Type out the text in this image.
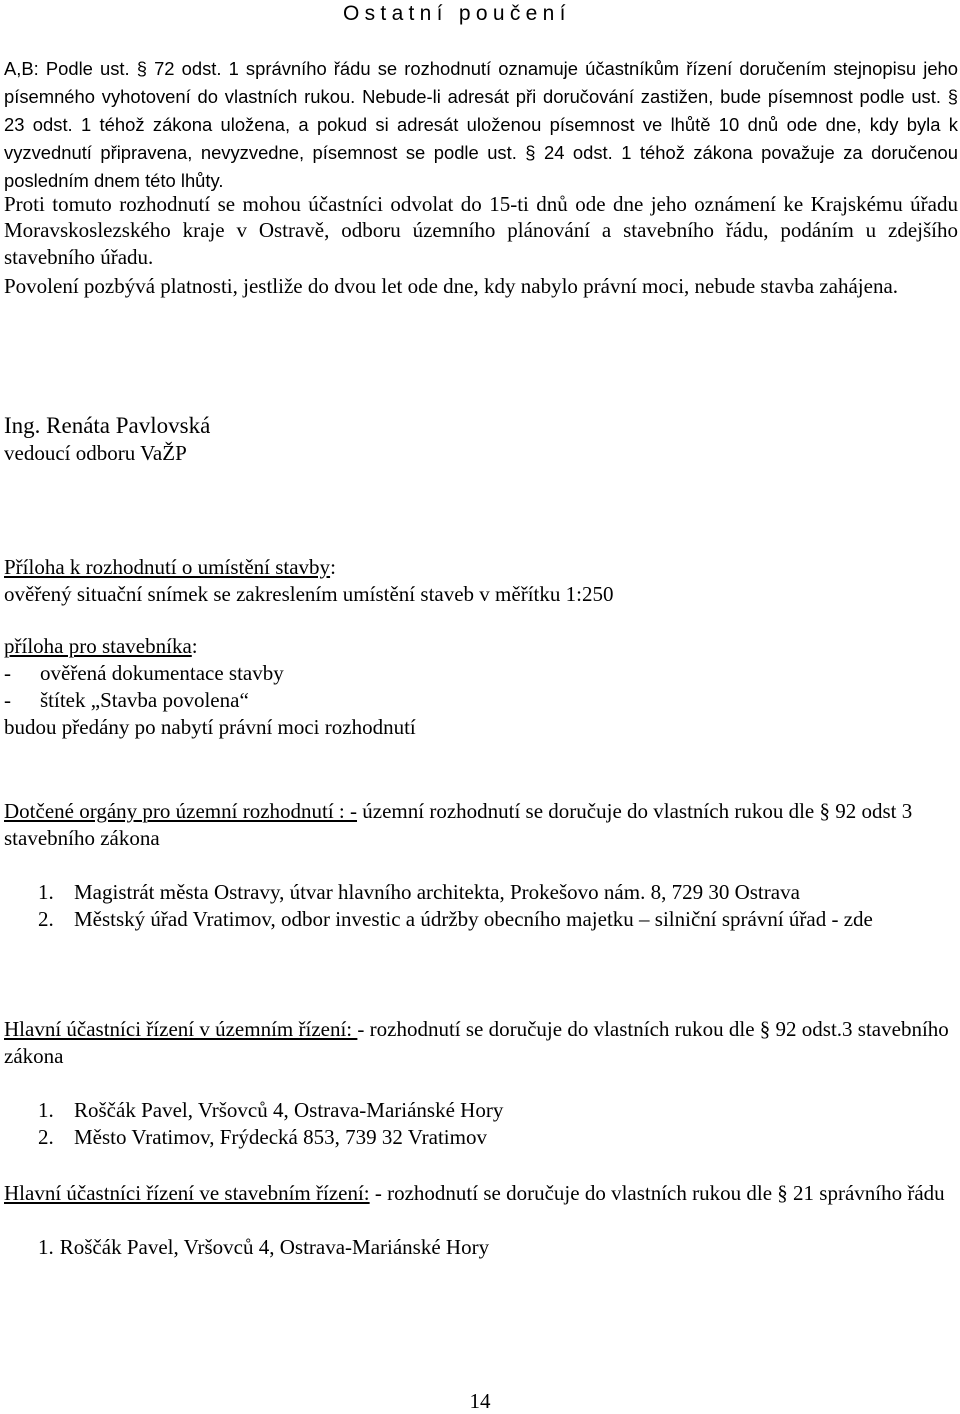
Ostatní poučení

A,B: Podle ust. § 72 odst. 1 správního řádu se rozhodnutí oznamuje účastníkům řízení doručením stejnopisu jeho písemného vyhotovení do vlastních rukou. Nebude-li adresát při doručování zastižen, bude písemnost podle ust. § 23 odst. 1 téhož zákona uložena, a pokud si adresát uloženou písemnost ve lhůtě 10 dnů ode dne, kdy byla k vyzvednutí připravena, nevyzvedne, písemnost se podle ust. § 24 odst. 1 téhož zákona považuje za doručenou posledním dnem této lhůty.

Proti tomuto rozhodnutí se mohou účastníci odvolat do 15-ti dnů ode dne jeho oznámení ke Krajskému úřadu Moravskoslezského kraje v Ostravě, odboru územního plánování a stavebního řádu, podáním u zdejšího stavebního úřadu.

Povolení pozbývá platnosti, jestliže do dvou let ode dne, kdy nabylo právní moci, nebude stavba zahájena.

Ing. Renáta Pavlovská
vedoucí odboru VaŽP
Příloha k rozhodnutí o umístění stavby:
ověřený situační snímek se zakreslením umístění staveb v měřítku 1:250
příloha pro stavebníka:
-	ověřená dokumentace stavby
-	štítek „Stavba povolena“
budou předány po nabytí právní moci rozhodnutí
Dotčené orgány pro územní rozhodnutí : - územní rozhodnutí se doručuje do vlastních rukou dle § 92 odst 3 stavebního zákona
1. Magistrát města Ostravy, útvar hlavního architekta, Prokešovo nám. 8, 729 30 Ostrava
2. Městský úřad Vratimov, odbor investic a údržby obecního majetku – silniční správní úřad - zde
Hlavní účastníci řízení v územním řízení: - rozhodnutí se doručuje do vlastních rukou dle § 92 odst.3 stavebního zákona
1. Roščák Pavel, Vršovců 4, Ostrava-Mariánské Hory
2. Město Vratimov, Frýdecká 853, 739 32 Vratimov
Hlavní účastníci řízení ve stavebním řízení: - rozhodnutí se doručuje do vlastních rukou dle § 21 správního řádu
1. Roščák Pavel, Vršovců 4, Ostrava-Mariánské Hory
14
